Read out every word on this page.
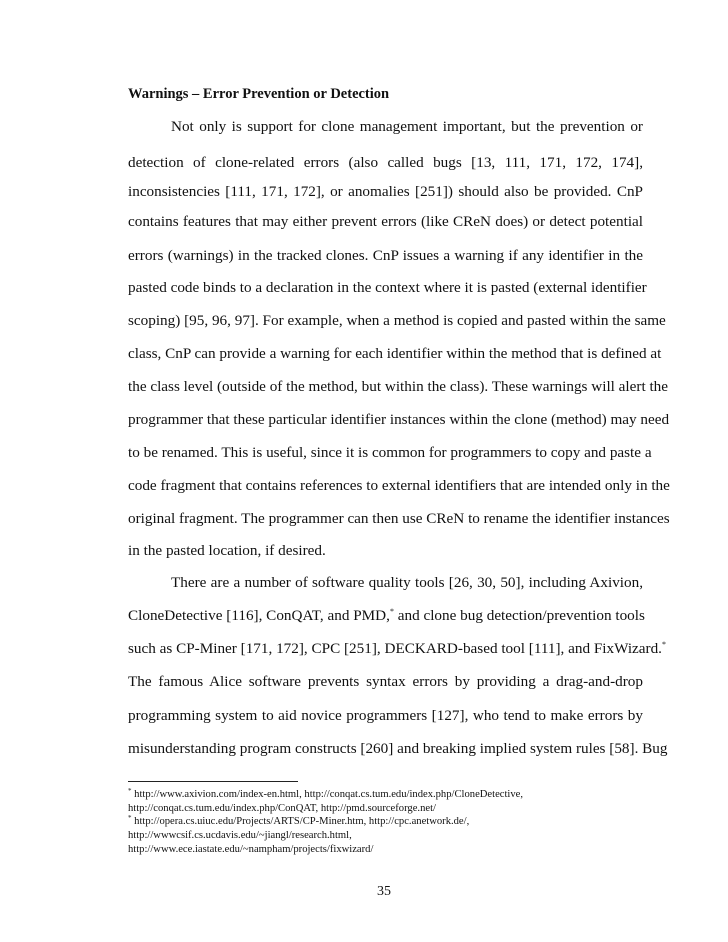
Warnings – Error Prevention or Detection
Not only is support for clone management important, but the prevention or
detection of clone-related errors (also called bugs [13, 111, 171, 172, 174],
inconsistencies [111, 171, 172], or anomalies [251]) should also be provided. CnP
contains features that may either prevent errors (like CReN does) or detect potential
errors (warnings) in the tracked clones. CnP issues a warning if any identifier in the
pasted code binds to a declaration in the context where it is pasted (external identifier
scoping) [95, 96, 97]. For example, when a method is copied and pasted within the same
class, CnP can provide a warning for each identifier within the method that is defined at
the class level (outside of the method, but within the class). These warnings will alert the
programmer that these particular identifier instances within the clone (method) may need
to be renamed. This is useful, since it is common for programmers to copy and paste a
code fragment that contains references to external identifiers that are intended only in the
original fragment. The programmer can then use CReN to rename the identifier instances
in the pasted location, if desired.
There are a number of software quality tools [26, 30, 50], including Axivion,
CloneDetective [116], ConQAT, and PMD,* and clone bug detection/prevention tools
such as CP-Miner [171, 172], CPC [251], DECKARD-based tool [111], and FixWizard.*
The famous Alice software prevents syntax errors by providing a drag-and-drop
programming system to aid novice programmers [127], who tend to make errors by
misunderstanding program constructs [260] and breaking implied system rules [58]. Bug
* http://www.axivion.com/index-en.html, http://conqat.cs.tum.edu/index.php/CloneDetective,
http://conqat.cs.tum.edu/index.php/ConQAT, http://pmd.sourceforge.net/
* http://opera.cs.uiuc.edu/Projects/ARTS/CP-Miner.htm, http://cpc.anetwork.de/,
http://wwwcsif.cs.ucdavis.edu/~jiangl/research.html,
http://www.ece.iastate.edu/~nampham/projects/fixwizard/
35
